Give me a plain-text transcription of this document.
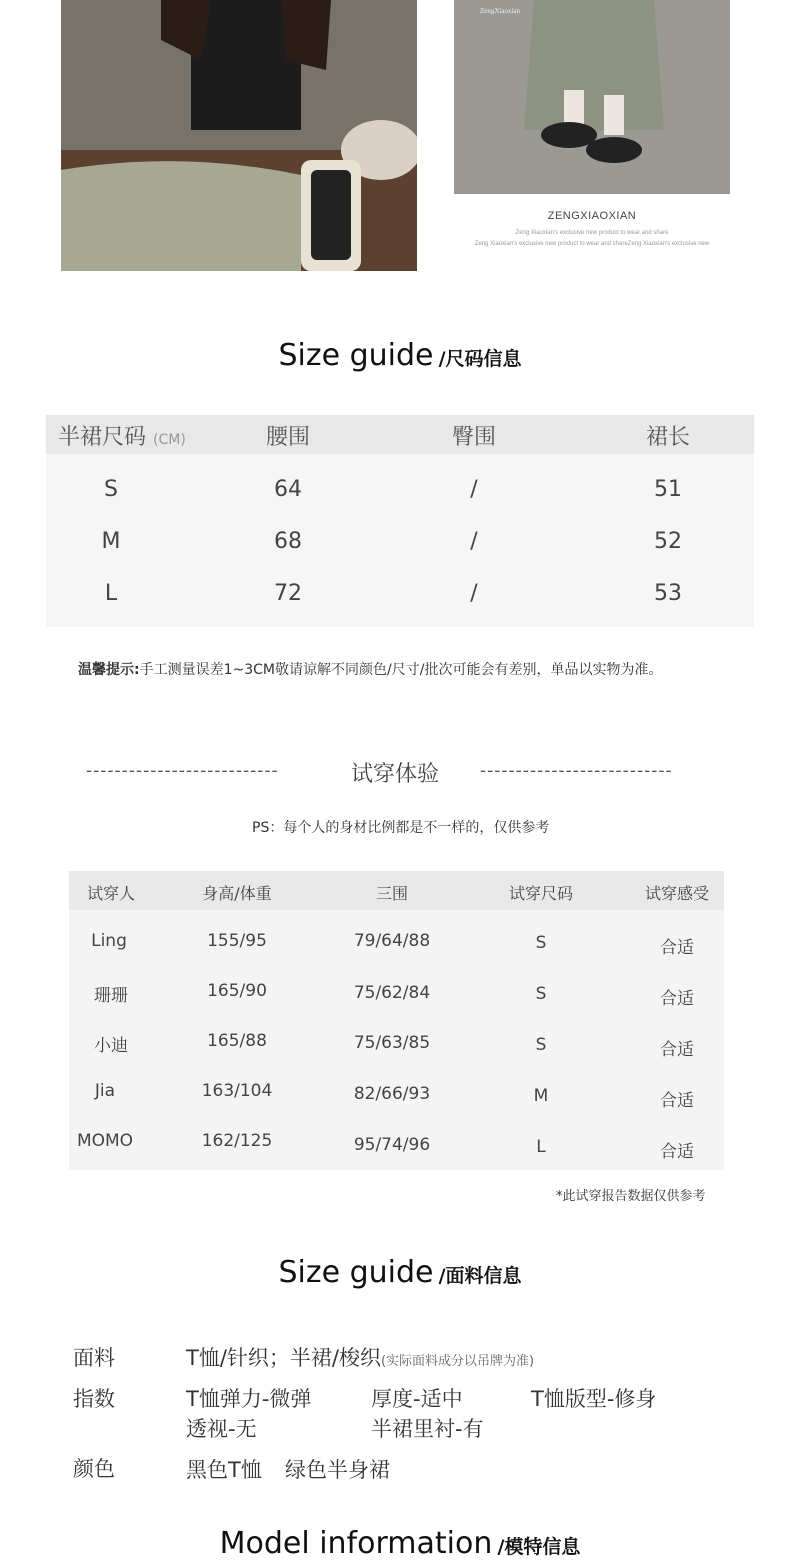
ZengXiaoxian
ZENGXIAOXIAN
Zeng Xiaoxian's exclusive new product to wear and share
Zeng Xiaoxian's exclusive new product to wear and shareZeng Xiaoxian's exclusive new
Size guide /尺码信息
半裙尺码 (CM)	腰围	臀围	裙长
S	64	/	51
M	68	/	52
L	72	/	53
温馨提示:手工测量误差1~3CM敬请谅解不同颜色/尺寸/批次可能会有差别，单品以实物为准。
---------------------------	试穿体验 ---------------------------
PS：每个人的身材比例都是不一样的，仅供参考
试穿人	身高/体重	三围	试穿尺码	试穿感受
Ling	155/95	79/64/88	S	合适
珊珊	165/90	75/62/84	S	合适
小迪	165/88	75/63/85	S	合适
Jia	163/104	82/66/93	M	合适
MOMO	162/125	95/74/96	L	合适
*此试穿报告数据仅供参考
Size guide /面料信息
面料	T恤/针织；半裙/梭织(实际面料成分以吊牌为准)
指数	T恤弹力-微弹	厚度-适中	T恤版型-修身
透视-无	半裙里衬-有
颜色	黑色T恤 绿色半身裙
Model information /模特信息
